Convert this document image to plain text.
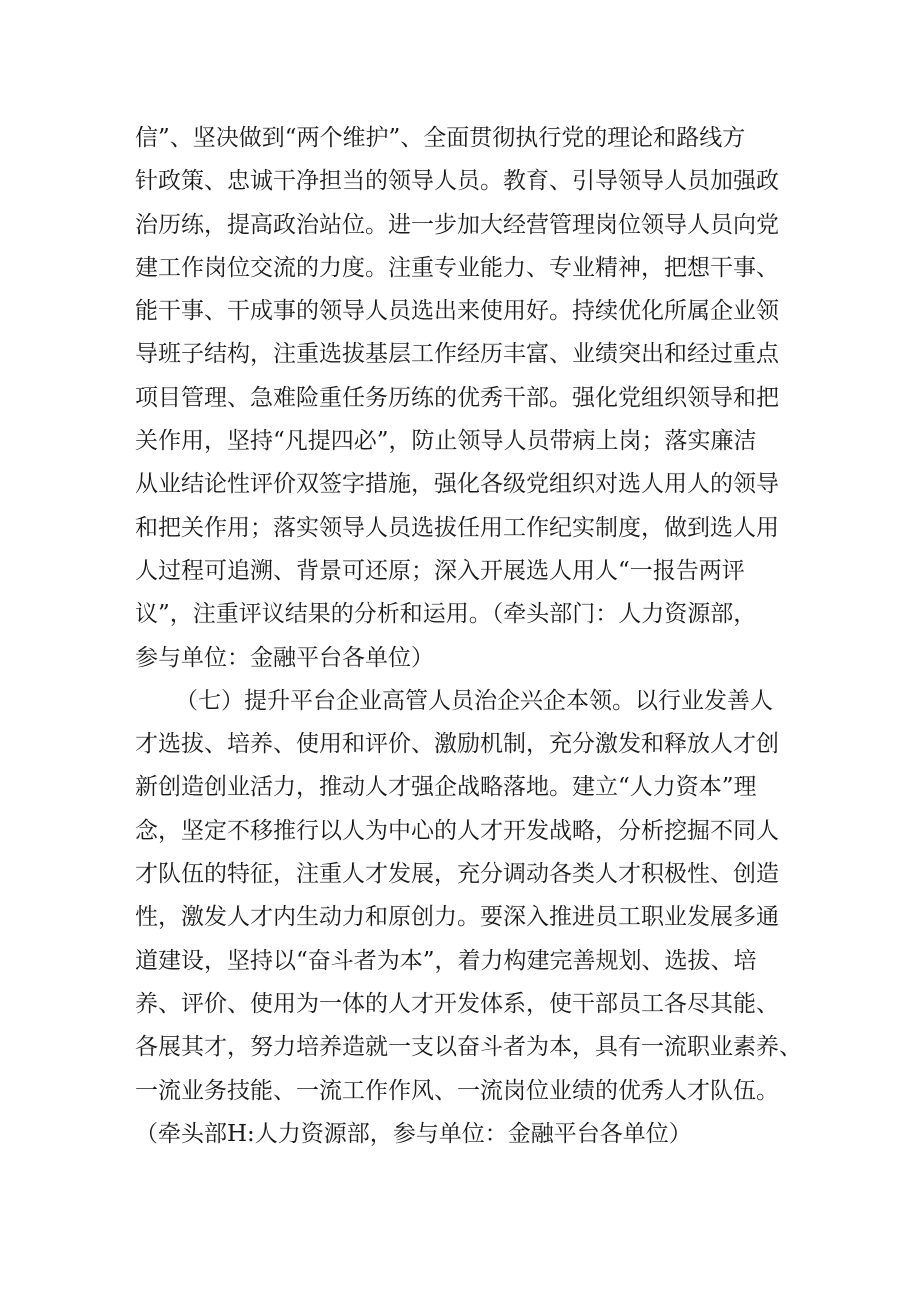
信”、坚决做到“两个维护”、全面贯彻执行党的理论和路线方
针政策、忠诚干净担当的领导人员。教育、引导领导人员加强政
治历练，提高政治站位。进一步加大经营管理岗位领导人员向党
建工作岗位交流的力度。注重专业能力、专业精神，把想干事、
能干事、干成事的领导人员选出来使用好。持续优化所属企业领
导班子结构，注重选拔基层工作经历丰富、业绩突出和经过重点
项目管理、急难险重任务历练的优秀干部。强化党组织领导和把
关作用，坚持“凡提四必”，防止领导人员带病上岗；落实廉洁
从业结论性评价双签字措施，强化各级党组织对选人用人的领导
和把关作用；落实领导人员选拔任用工作纪实制度，做到选人用
人过程可追溯、背景可还原；深入开展选人用人“一报告两评
议”，注重评议结果的分析和运用。（牵头部门：人力资源部，
参与单位：金融平台各单位）
（七）提升平台企业高管人员治企兴企本领。以行业发善人
才选拔、培养、使用和评价、激励机制，充分激发和释放人才创
新创造创业活力，推动人才强企战略落地。建立“人力资本”理
念，坚定不移推行以人为中心的人才开发战略，分析挖掘不同人
才队伍的特征，注重人才发展，充分调动各类人才积极性、创造
性，激发人才内生动力和原创力。要深入推进员工职业发展多通
道建设，坚持以“奋斗者为本”，着力构建完善规划、选拔、培
养、评价、使用为一体的人才开发体系，使干部员工各尽其能、
各展其才，努力培养造就一支以奋斗者为本，具有一流职业素养、
一流业务技能、一流工作作风、一流岗位业绩的优秀人才队伍。
（牵头部H:人力资源部，参与单位：金融平台各单位）
